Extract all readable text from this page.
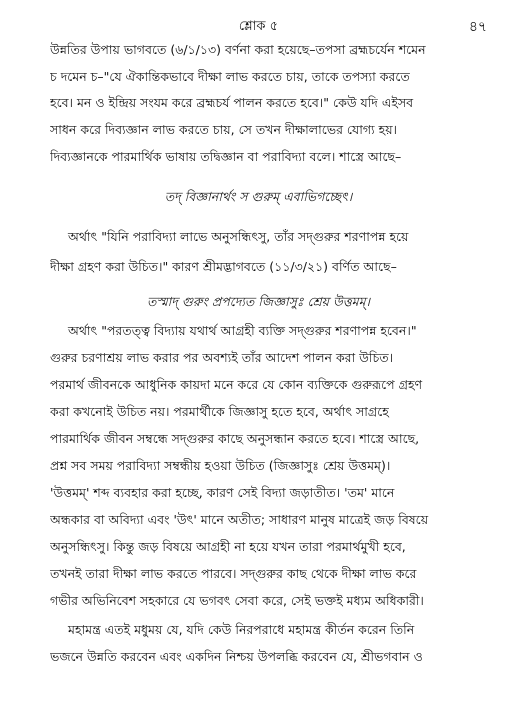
শ্লোক ৫	৪৭
উন্নতির উপায় ভাগবতে (৬/১/১৩) বর্ণনা করা হয়েছে–তপসা ব্রহ্মচর্যেন শমেন
চ দমেন চ–"যে ঐকান্তিকভাবে দীক্ষা লাভ করতে চায়, তাকে তপস্যা করতে
হবে। মন ও ইন্দ্রিয় সংযম করে ব্রহ্মচর্য পালন করতে হবে।" কেউ যদি এইসব
সাধন করে দিব্যজ্ঞান লাভ করতে চায়, সে তখন দীক্ষালাভের যোগ্য হয়।
দিব্যজ্ঞানকে পারমার্থিক ভাষায় তদ্বিজ্ঞান বা পরাবিদ্যা বলে। শাস্ত্রে আছে–
তদ্ বিজ্ঞানার্থং স গুরুম্ এবাভিগচ্ছেৎ।
অর্থাৎ "যিনি পরাবিদ্যা লাভে অনুসন্ধিৎসু, তাঁর সদ্গুরুর শরণাপন্ন হয়ে
দীক্ষা গ্রহণ করা উচিত।" কারণ শ্রীমদ্ভাগবতে (১১/৩/২১) বর্ণিত আছে–
তস্মাদ্ গুরুং প্রপদ্যেত জিজ্ঞাসুঃ শ্রেয় উত্তমম্।
অর্থাৎ "পরতত্ত্ব বিদ্যায় যথার্থ আগ্রহী ব্যক্তি সদ্গুরুর শরণাপন্ন হবেন।"
গুরুর চরণাশ্রয় লাভ করার পর অবশ্যই তাঁর আদেশ পালন করা উচিত।
পরমার্থ জীবনকে আধুনিক কায়দা মনে করে যে কোন ব্যক্তিকে গুরুরূপে গ্রহণ
করা কখনোই উচিত নয়। পরমার্থীকে জিজ্ঞাসু হতে হবে, অর্থাৎ সাগ্রহে
পারমার্থিক জীবন সম্বন্ধে সদ্গুরুর কাছে অনুসন্ধান করতে হবে। শাস্ত্রে আছে,
প্রশ্ন সব সময় পরাবিদ্যা সম্বন্ধীয় হওয়া উচিত (জিজ্ঞাসুঃ শ্রেয় উত্তমম্)।
'উত্তমম্' শব্দ ব্যবহার করা হচ্ছে, কারণ সেই বিদ্যা জড়াতীত। 'তম' মানে
অন্ধকার বা অবিদ্যা এবং 'উৎ' মানে অতীত; সাধারণ মানুষ মাত্রেই জড় বিষয়ে
অনুসন্ধিৎসু। কিন্তু জড় বিষয়ে আগ্রহী না হয়ে যখন তারা পরমার্থমুখী হবে,
তখনই তারা দীক্ষা লাভ করতে পারবে। সদ্গুরুর কাছ থেকে দীক্ষা লাভ করে
গভীর অভিনিবেশ সহকারে যে ভগবৎ সেবা করে, সেই ভক্তই মধ্যম অধিকারী।
মহামন্ত্র এতই মধুময় যে, যদি কেউ নিরপরাধে মহামন্ত্র কীর্তন করেন তিনি
ভজনে উন্নতি করবেন এবং একদিন নিশ্চয় উপলব্ধি করবেন যে, শ্রীভগবান ও
